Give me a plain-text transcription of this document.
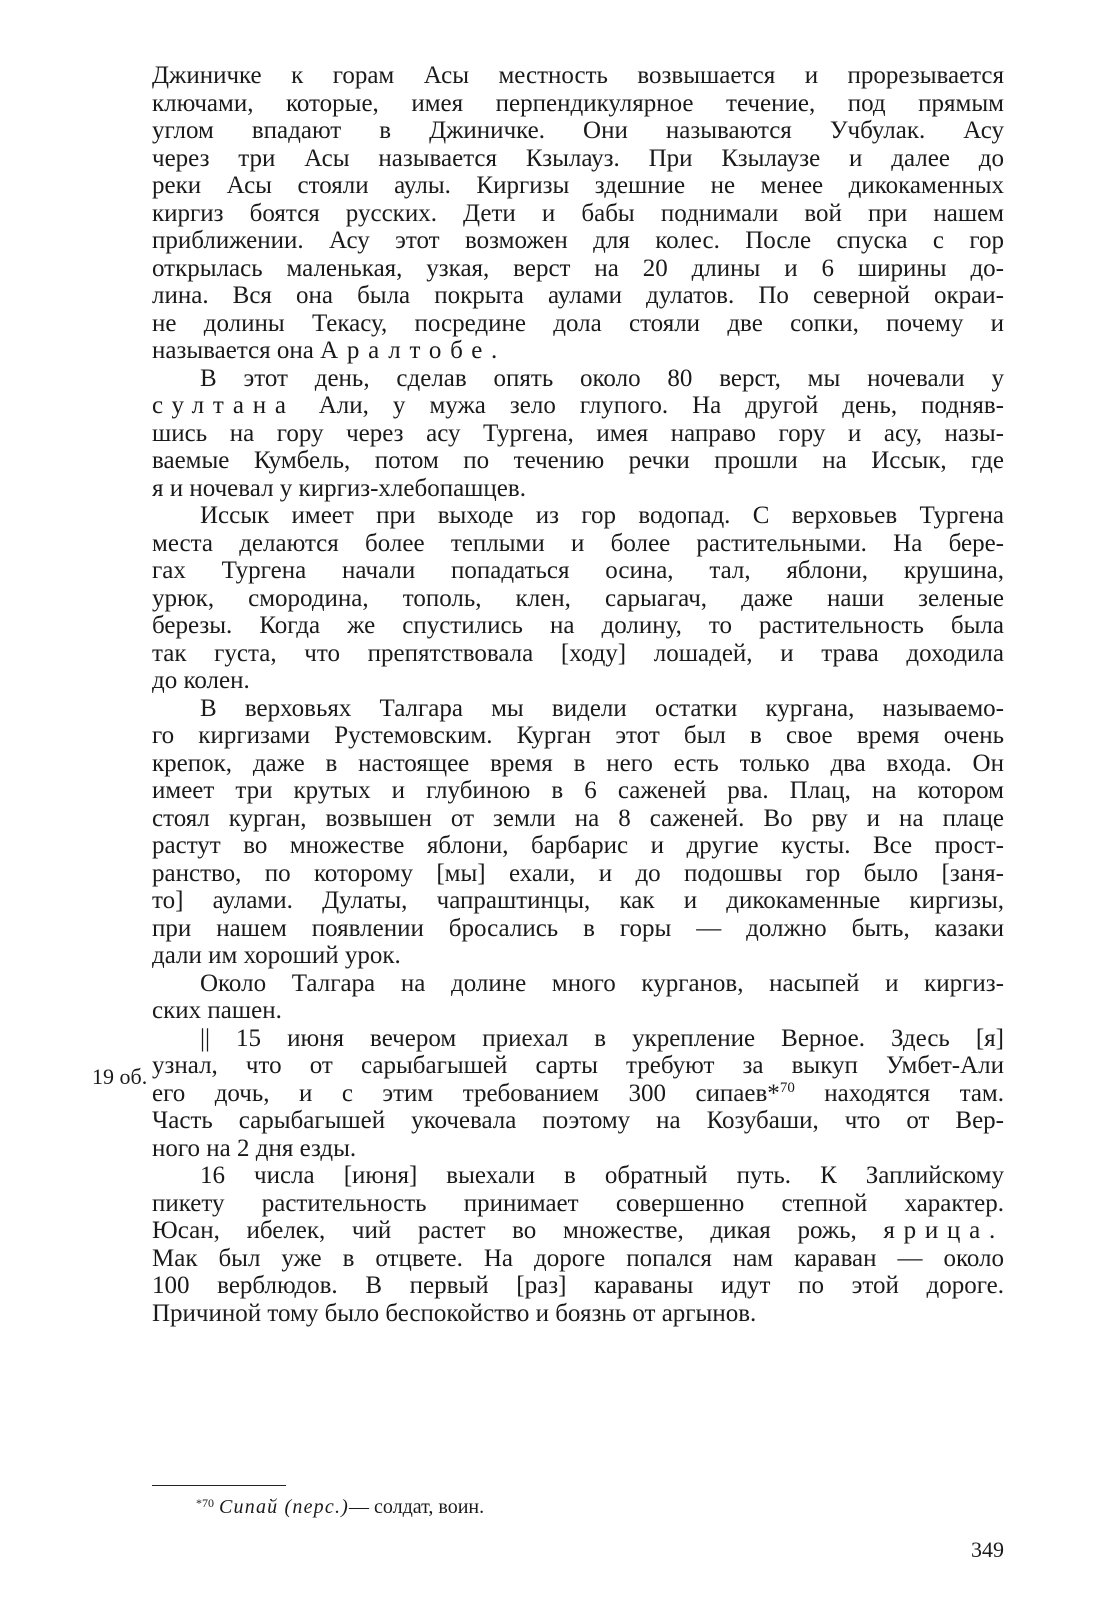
Джиничке к горам Асы местность возвышается и прорезывается
ключами, которые, имея перпендикулярное течение, под прямым
углом впадают в Джиничке. Они называются Учбулак. Асу
через три Асы называется Кзылауз. При Кзылаузе и далее до
реки Асы стояли аулы. Киргизы здешние не менее дикокаменных
киргиз боятся русских. Дети и бабы поднимали вой при нашем
приближении. Асу этот возможен для колес. После спуска с гор
открылась маленькая, узкая, верст на 20 длины и 6 ширины до-
лина. Вся она была покрыта аулами дулатов. По северной окраи-
не долины Текасу, посредине дола стояли две сопки, почему и
называется она Аралтобе.

В этот день, сделав опять около 80 верст, мы ночевали у
султана Али, у мужа зело глупого. На другой день, подняв-
шись на гору через асу Тургена, имея направо гору и асу, назы-
ваемые Кумбель, потом по течению речки прошли на Иссык, где
я и ночевал у киргиз-хлебопашцев.

Иссык имеет при выходе из гор водопад. С верховьев Тургена
места делаются более теплыми и более растительными. На бере-
гах Тургена начали попадаться осина, тал, яблони, крушина,
урюк, смородина, тополь, клен, сарыагач, даже наши зеленые
березы. Когда же спустились на долину, то растительность была
так густа, что препятствовала [ходу] лошадей, и трава доходила
до колен.

В верховьях Талгара мы видели остатки кургана, называемо-
го киргизами Рустемовским. Курган этот был в свое время очень
крепок, даже в настоящее время в него есть только два входа. Он
имеет три крутых и глубиною в 6 саженей рва. Плац, на котором
стоял курган, возвышен от земли на 8 саженей. Во рву и на плаце
растут во множестве яблони, барбарис и другие кусты. Все прост-
ранство, по которому [мы] ехали, и до подошвы гор было [заня-
то] аулами. Дулаты, чапраштинцы, как и дикокаменные киргизы,
при нашем появлении бросались в горы — должно быть, казаки
дали им хороший урок.

Около Талгара на долине много курганов, насыпей и киргиз-
ских пашен.

|| 15 июня вечером приехал в укрепление Верное. Здесь [я]
узнал, что от сарыбагышей сарты требуют за выкуп Умбет-Али
его дочь, и с этим требованием 300 сипаев*$^{70}$ находятся там.
Часть сарыбагышей укочевала поэтому на Козубаши, что от Вер-
ного на 2 дня езды.

16 числа [июня] выехали в обратный путь. К Заплийскому
пикету растительность принимает совершенно степной характер.
Юсан, ибелек, чий растет во множестве, дикая рожь, ярица.
Мак был уже в отцвете. На дороге попался нам караван — около
100 верблюдов. В первый [раз] караваны идут по этой дороге.
Причиной тому было беспокойство и боязнь от аргынов.

19 об.
$^{*70}$ Сипай (перс.)— солдат, воин.
349
